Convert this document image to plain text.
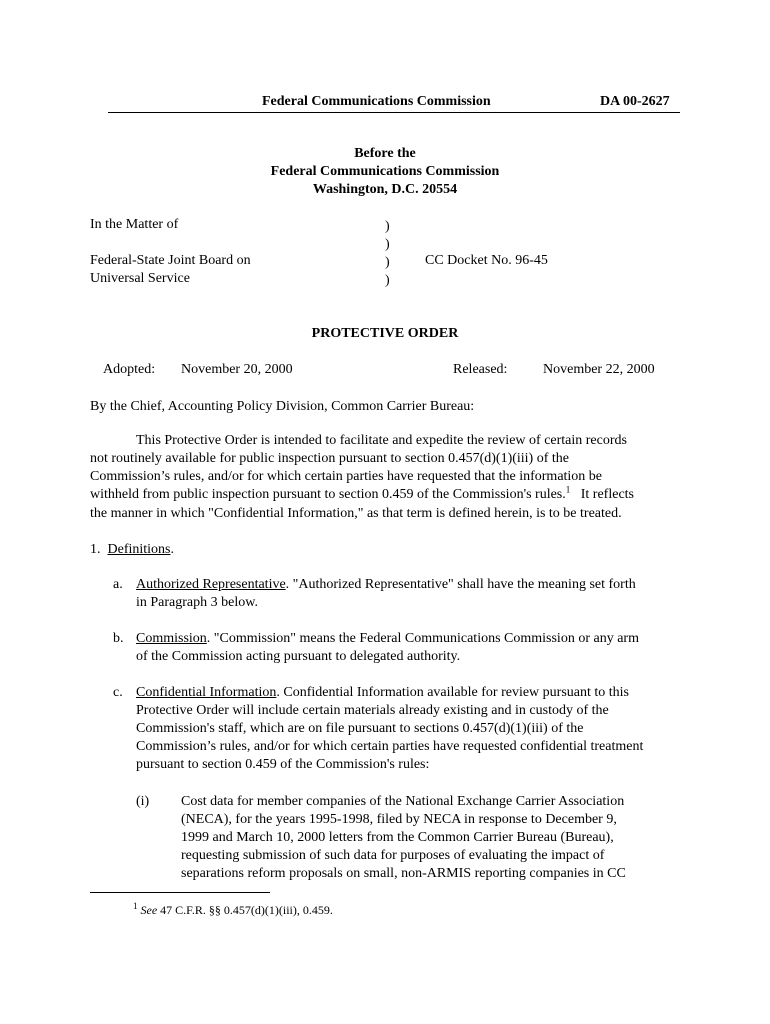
Federal Communications Commission	DA 00-2627
Before the
Federal Communications Commission
Washington, D.C. 20554
In the Matter of
Federal-State Joint Board on
Universal Service
)
)
)
)
CC Docket No. 96-45
PROTECTIVE ORDER
Adopted: November 20, 2000	Released:	November 22, 2000
By the Chief, Accounting Policy Division, Common Carrier Bureau:
This Protective Order is intended to facilitate and expedite the review of certain records
not routinely available for public inspection pursuant to section 0.457(d)(1)(iii) of the
Commission’s rules, and/or for which certain parties have requested that the information be
withheld from public inspection pursuant to section 0.459 of the Commission's rules.$^1$ It reflects
the manner in which "Confidential Information," as that term is defined herein, is to be treated.
1. Definitions.
a. Authorized Representative. "Authorized Representative" shall have the meaning set forth
in Paragraph 3 below.
b. Commission. "Commission" means the Federal Communications Commission or any arm
of the Commission acting pursuant to delegated authority.
c. Confidential Information. Confidential Information available for review pursuant to this
Protective Order will include certain materials already existing and in custody of the
Commission's staff, which are on file pursuant to sections 0.457(d)(1)(iii) of the
Commission’s rules, and/or for which certain parties have requested confidential treatment
pursuant to section 0.459 of the Commission's rules:
(i) Cost data for member companies of the National Exchange Carrier Association
(NECA), for the years 1995-1998, filed by NECA in response to December 9,
1999 and March 10, 2000 letters from the Common Carrier Bureau (Bureau),
requesting submission of such data for purposes of evaluating the impact of
separations reform proposals on small, non-ARMIS reporting companies in CC
$^1$ See 47 C.F.R. §§ 0.457(d)(1)(iii), 0.459.
